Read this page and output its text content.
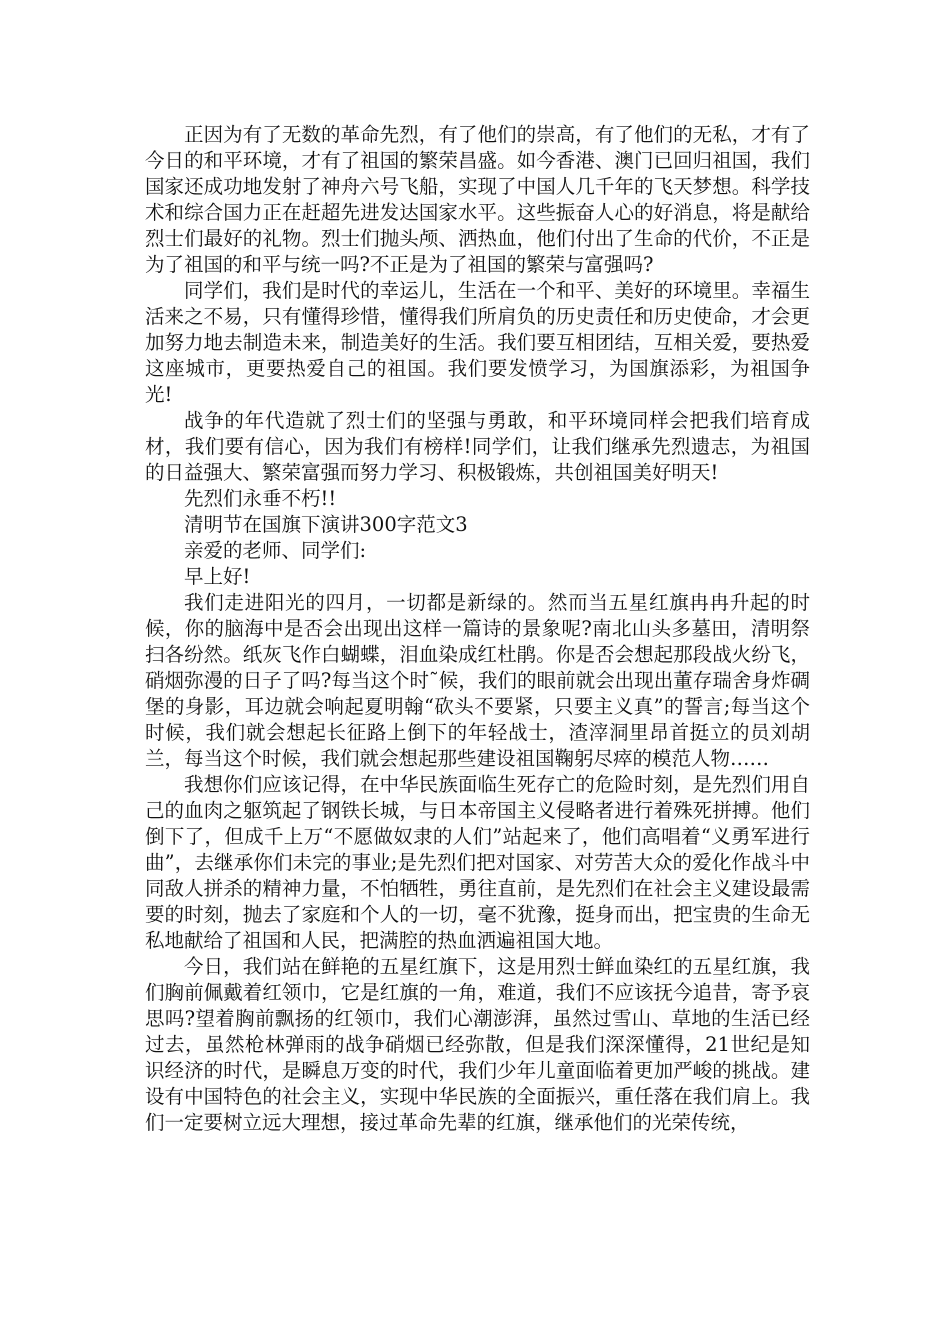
正因为有了无数的革命先烈，有了他们的崇高，有了他们的无私，才有了今日的和平环境，才有了祖国的繁荣昌盛。如今香港、澳门已回归祖国，我们国家还成功地发射了神舟六号飞船，实现了中国人几千年的飞天梦想。科学技术和综合国力正在赶超先进发达国家水平。这些振奋人心的好消息，将是献给烈士们最好的礼物。烈士们抛头颅、洒热血，他们付出了生命的代价，不正是为了祖国的和平与统一吗?不正是为了祖国的繁荣与富强吗?

同学们，我们是时代的幸运儿，生活在一个和平、美好的环境里。幸福生活来之不易，只有懂得珍惜，懂得我们所肩负的历史责任和历史使命，才会更加努力地去制造未来，制造美好的生活。我们要互相团结，互相关爱，要热爱这座城市，更要热爱自己的祖国。我们要发愤学习，为国旗添彩，为祖国争光!

战争的年代造就了烈士们的坚强与勇敢，和平环境同样会把我们培育成材，我们要有信心，因为我们有榜样!同学们，让我们继承先烈遗志，为祖国的日益强大、繁荣富强而努力学习、积极锻炼，共创祖国美好明天!

先烈们永垂不朽!!

清明节在国旗下演讲300字范文3

亲爱的老师、同学们:

早上好!

我们走进阳光的四月，一切都是新绿的。然而当五星红旗冉冉升起的时候，你的脑海中是否会出现出这样一篇诗的景象呢?南北山头多墓田，清明祭扫各纷然。纸灰飞作白蝴蝶，泪血染成红杜鹃。你是否会想起那段战火纷飞，硝烟弥漫的日子了吗?每当这个时˜候，我们的眼前就会出现出董存瑞舍身炸碉堡的身影，耳边就会响起夏明翰“砍头不要紧，只要主义真”的誓言;每当这个时候，我们就会想起长征路上倒下的年轻战士，渣滓洞里昂首挺立的员刘胡兰，每当这个时候，我们就会想起那些建设祖国鞠躬尽瘁的模范人物……

我想你们应该记得，在中华民族面临生死存亡的危险时刻，是先烈们用自己的血肉之躯筑起了钢铁长城，与日本帝国主义侵略者进行着殊死拼搏。他们倒下了，但成千上万“不愿做奴隶的人们”站起来了，他们高唱着“义勇军进行曲”，去继承你们未完的事业;是先烈们把对国家、对劳苦大众的爱化作战斗中同敌人拼杀的精神力量，不怕牺牲，勇往直前，是先烈们在社会主义建设最需要的时刻，抛去了家庭和个人的一切，毫不犹豫，挺身而出，把宝贵的生命无私地献给了祖国和人民，把满腔的热血洒遍祖国大地。

今日，我们站在鲜艳的五星红旗下，这是用烈士鲜血染红的五星红旗，我们胸前佩戴着红领巾，它是红旗的一角，难道，我们不应该抚今追昔，寄予哀思吗?望着胸前飘扬的红领巾，我们心潮澎湃，虽然过雪山、草地的生活已经过去，虽然枪林弹雨的战争硝烟已经弥散，但是我们深深懂得，21世纪是知识经济的时代，是瞬息万变的时代，我们少年儿童面临着更加严峻的挑战。建设有中国特色的社会主义，实现中华民族的全面振兴，重任落在我们肩上。我们一定要树立远大理想，接过革命先辈的红旗，继承他们的光荣传统，
